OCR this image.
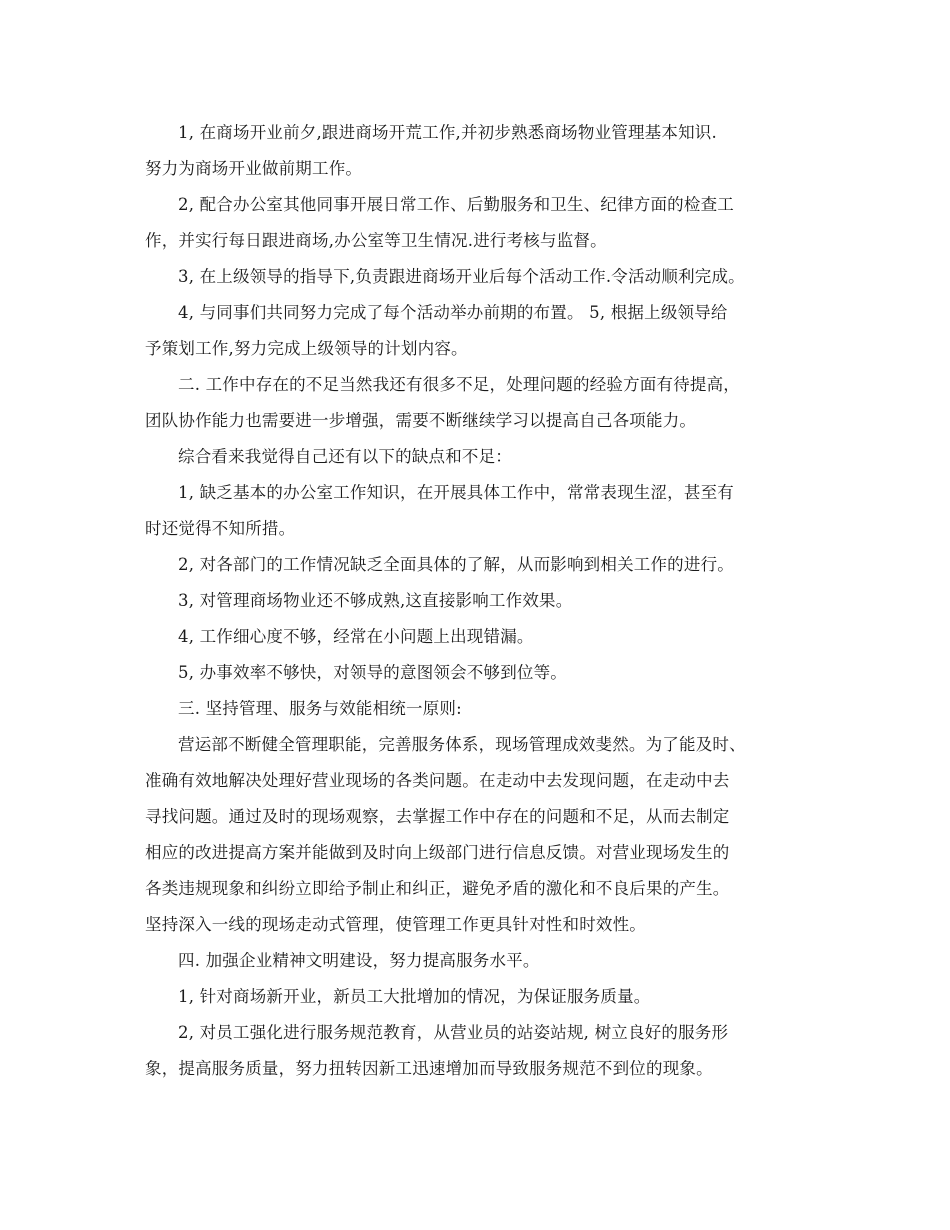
1, 在商场开业前夕,跟进商场开荒工作,并初步熟悉商场物业管理基本知识.

努力为商场开业做前期工作。

2, 配合办公室其他同事开展日常工作、后勤服务和卫生、纪律方面的检查工

作，并实行每日跟进商场,办公室等卫生情况.进行考核与监督。

3, 在上级领导的指导下,负责跟进商场开业后每个活动工作.令活动顺利完成。

4, 与同事们共同努力完成了每个活动举办前期的布置。 5, 根据上级领导给

予策划工作,努力完成上级领导的计划内容。

二. 工作中存在的不足当然我还有很多不足，处理问题的经验方面有待提高，

团队协作能力也需要进一步增强，需要不断继续学习以提高自己各项能力。

综合看来我觉得自己还有以下的缺点和不足：

1, 缺乏基本的办公室工作知识，在开展具体工作中，常常表现生涩，甚至有

时还觉得不知所措。

2, 对各部门的工作情况缺乏全面具体的了解，从而影响到相关工作的进行。

3, 对管理商场物业还不够成熟,这直接影响工作效果。

4, 工作细心度不够，经常在小问题上出现错漏。

5, 办事效率不够快，对领导的意图领会不够到位等。

三. 坚持管理、服务与效能相统一原则:

营运部不断健全管理职能，完善服务体系，现场管理成效斐然。为了能及时、

准确有效地解决处理好营业现场的各类问题。在走动中去发现问题，在走动中去

寻找问题。通过及时的现场观察，去掌握工作中存在的问题和不足，从而去制定

相应的改进提高方案并能做到及时向上级部门进行信息反馈。对营业现场发生的

各类违规现象和纠纷立即给予制止和纠正，避免矛盾的激化和不良后果的产生。

坚持深入一线的现场走动式管理，使管理工作更具针对性和时效性。

四. 加强企业精神文明建设，努力提高服务水平。

1, 针对商场新开业，新员工大批增加的情况，为保证服务质量。

2, 对员工强化进行服务规范教育，从营业员的站姿站规, 树立良好的服务形

象，提高服务质量，努力扭转因新工迅速增加而导致服务规范不到位的现象。
